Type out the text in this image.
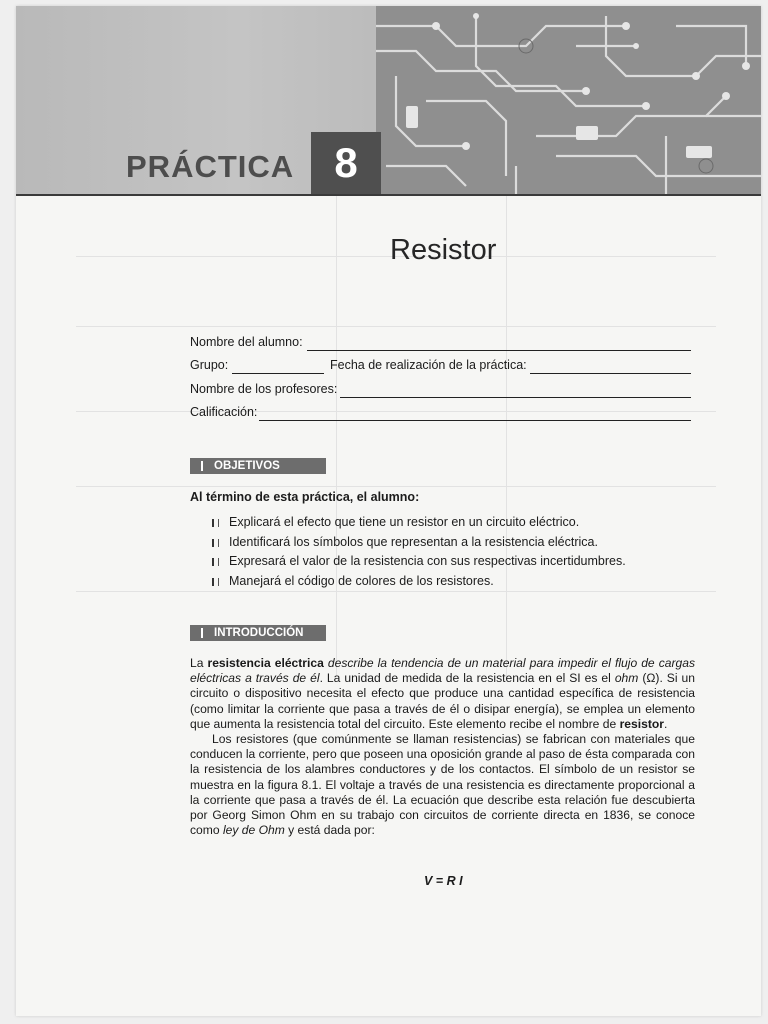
PRÁCTICA 8
Resistor
Nombre del alumno:
Grupo:	Fecha de realización de la práctica:
Nombre de los profesores:
Calificación:
OBJETIVOS
Al término de esta práctica, el alumno:
Explicará el efecto que tiene un resistor en un circuito eléctrico.
Identificará los símbolos que representan a la resistencia eléctrica.
Expresará el valor de la resistencia con sus respectivas incertidumbres.
Manejará el código de colores de los resistores.
INTRODUCCIÓN

La resistencia eléctrica describe la tendencia de un material para impedir el flujo de cargas eléctricas a través de él. La unidad de medida de la resistencia en el SI es el ohm (Ω). Si un circuito o dispositivo necesita el efecto que produce una cantidad específica de resistencia (como limitar la corriente que pasa a través de él o disipar energía), se emplea un elemento que aumenta la resistencia total del circuito. Este elemento recibe el nombre de resistor.

Los resistores (que comúnmente se llaman resistencias) se fabrican con materiales que conducen la corriente, pero que poseen una oposición grande al paso de ésta comparada con la resistencia de los alambres conductores y de los contactos. El símbolo de un resistor se muestra en la figura 8.1. El voltaje a través de una resistencia es directamente proporcional a la corriente que pasa a través de él. La ecuación que describe esta relación fue descubierta por Georg Simon Ohm en su trabajo con circuitos de corriente directa en 1836, se conoce como ley de Ohm y está dada por:

V = R I
